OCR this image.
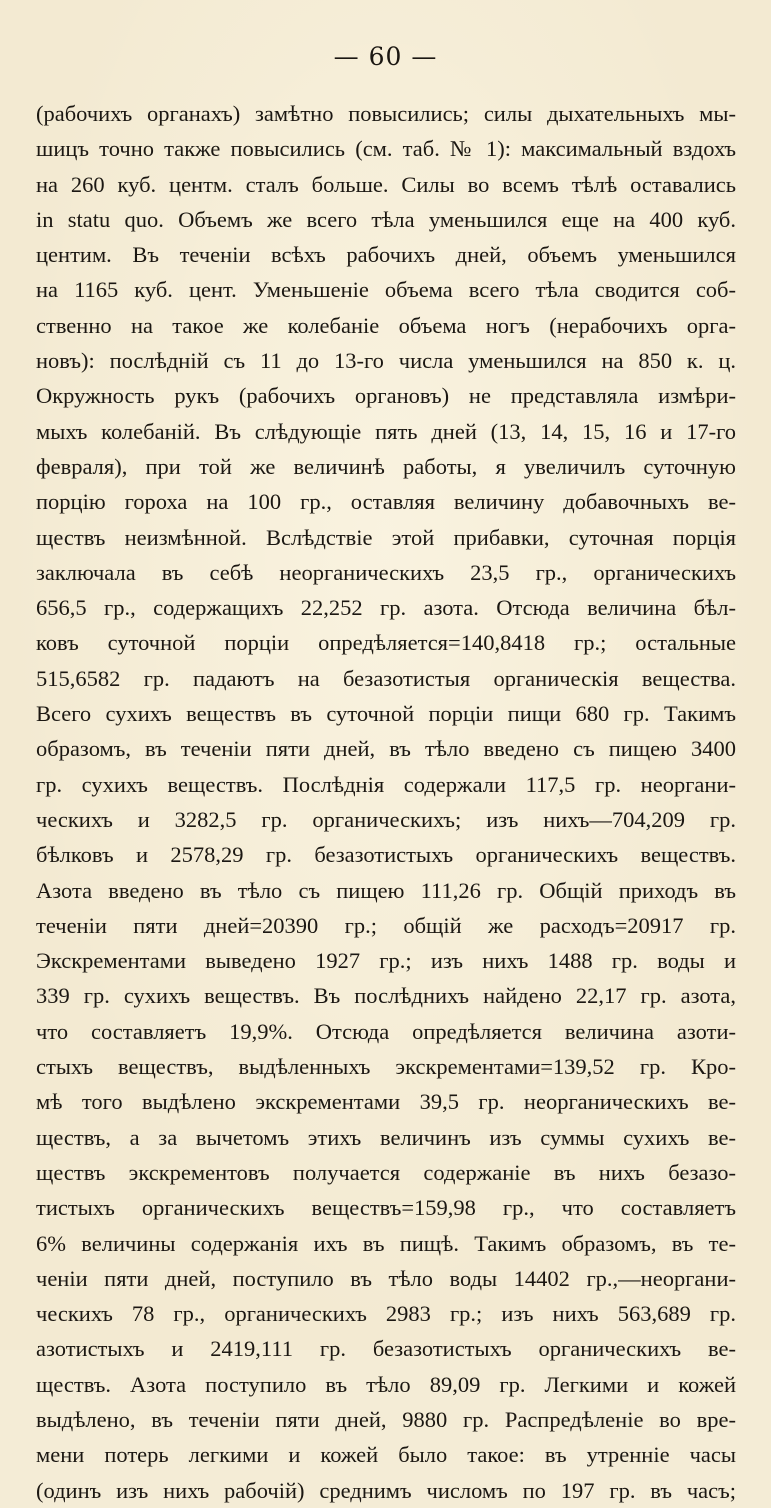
— 60 —
(рабочихъ органахъ) замѣтно повысились; силы дыхательныхъ мы-
шицъ точно также повысились (см. таб. № 1): максимальный вздохъ
на 260 куб. центм. сталъ больше. Силы во всемъ тѣлѣ оставались
in statu quo. Объемъ же всего тѣла уменьшился еще на 400 куб.
центим. Въ теченіи всѣхъ рабочихъ дней, объемъ уменьшился
на 1165 куб. цент. Уменьшеніе объема всего тѣла сводится соб-
ственно на такое же колебаніе объема ногъ (нерабочихъ орга-
новъ): послѣдній съ 11 до 13-го числа уменьшился на 850 к. ц.
Окружность рукъ (рабочихъ органовъ) не представляла измѣри-
мыхъ колебаній. Въ слѣдующіе пять дней (13, 14, 15, 16 и 17-го
февраля), при той же величинѣ работы, я увеличилъ суточную
порцію гороха на 100 гр., оставляя величину добавочныхъ ве-
ществъ неизмѣнной. Вслѣдствіе этой прибавки, суточная порція
заключала въ себѣ неорганическихъ 23,5 гр., органическихъ
656,5 гр., содержащихъ 22,252 гр. азота. Отсюда величина бѣл-
ковъ суточной порціи опредѣляется=140,8418 гр.; остальные
515,6582 гр. падаютъ на безазотистыя органическія вещества.
Всего сухихъ веществъ въ суточной порціи пищи 680 гр. Такимъ
образомъ, въ теченіи пяти дней, въ тѣло введено съ пищею 3400
гр. сухихъ веществъ. Послѣднія содержали 117,5 гр. неоргани-
ческихъ и 3282,5 гр. органическихъ; изъ нихъ—704,209 гр.
бѣлковъ и 2578,29 гр. безазотистыхъ органическихъ веществъ.
Азота введено въ тѣло съ пищею 111,26 гр. Общій приходъ въ
теченіи пяти дней=20390 гр.; общій же расходъ=20917 гр.
Экскрементами выведено 1927 гр.; изъ нихъ 1488 гр. воды и
339 гр. сухихъ веществъ. Въ послѣднихъ найдено 22,17 гр. азота,
что составляетъ 19,9%. Отсюда опредѣляется величина азоти-
стыхъ веществъ, выдѣленныхъ экскрементами=139,52 гр. Кро-
мѣ того выдѣлено экскрементами 39,5 гр. неорганическихъ ве-
ществъ, а за вычетомъ этихъ величинъ изъ суммы сухихъ ве-
ществъ экскрементовъ получается содержаніе въ нихъ безазо-
тистыхъ органическихъ веществъ=159,98 гр., что составляетъ
6% величины содержанія ихъ въ пищѣ. Такимъ образомъ, въ те-
ченіи пяти дней, поступило въ тѣло воды 14402 гр.,—неоргани-
ческихъ 78 гр., органическихъ 2983 гр.; изъ нихъ 563,689 гр.
азотистыхъ и 2419,111 гр. безазотистыхъ органическихъ ве-
ществъ. Азота поступило въ тѣло 89,09 гр. Легкими и кожей
выдѣлено, въ теченіи пяти дней, 9880 гр. Распредѣленіе во вре-
мени потерь легкими и кожей было такое: въ утренніе часы
(одинъ изъ нихъ рабочій) среднимъ числомъ по 197 гр. въ часъ;
